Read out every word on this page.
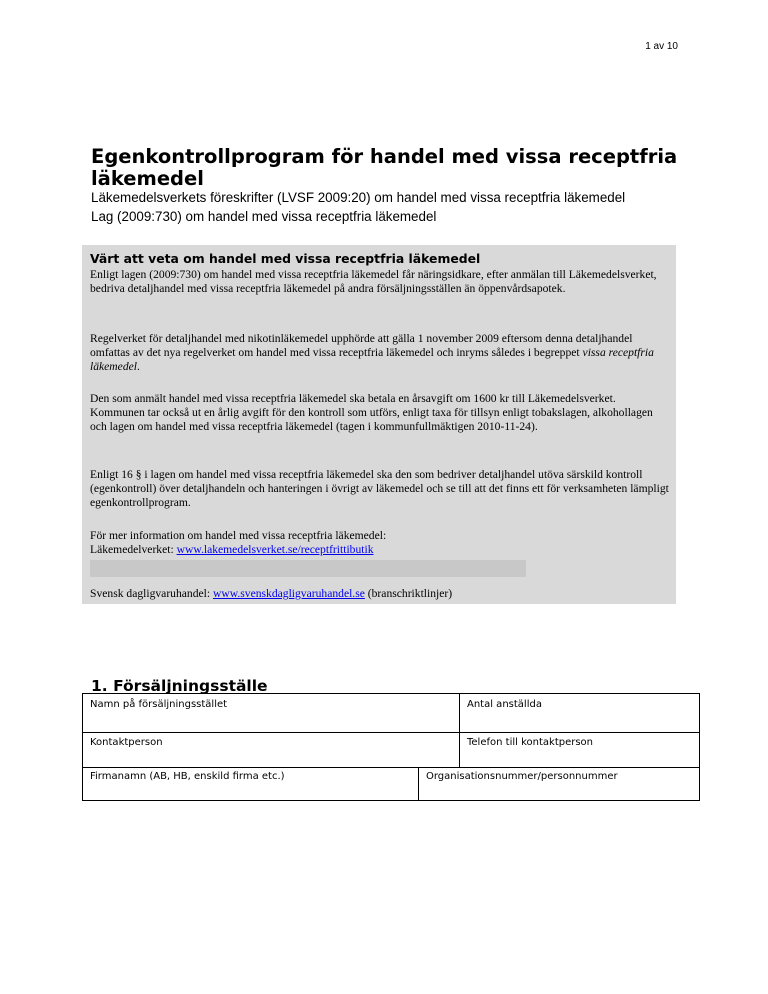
1 av 10
Egenkontrollprogram för handel med vissa receptfria läkemedel
Läkemedelsverkets föreskrifter (LVSF 2009:20) om handel med vissa receptfria läkemedel
Lag (2009:730) om handel med vissa receptfria läkemedel
Värt att veta om handel med vissa receptfria läkemedel

Enligt lagen (2009:730) om handel med vissa receptfria läkemedel får näringsidkare, efter anmälan till Läkemedelsverket, bedriva detaljhandel med vissa receptfria läkemedel på andra försäljningsställen än öppenvårdsapotek.

Regelverket för detaljhandel med nikotinläkemedel upphörde att gälla 1 november 2009 eftersom denna detaljhandel omfattas av det nya regelverket om handel med vissa receptfria läkemedel och inryms således i begreppet vissa receptfria läkemedel.

Den som anmält handel med vissa receptfria läkemedel ska betala en årsavgift om 1600 kr till Läkemedelsverket. Kommunen tar också ut en årlig avgift för den kontroll som utförs, enligt taxa för tillsyn enligt tobakslagen, alkohollagen och lagen om handel med vissa receptfria läkemedel (tagen i kommunfullmäktigen 2010-11-24).

Enligt 16 § i lagen om handel med vissa receptfria läkemedel ska den som bedriver detaljhandel utöva särskild kontroll (egenkontroll) över detaljhandeln och hanteringen i övrigt av läkemedel och se till att det finns ett för verksamheten lämpligt egenkontrollprogram.

För mer information om handel med vissa receptfria läkemedel:
Läkemedelverket: www.lakemedelsverket.se/receptfrittibutik

Svensk dagligvaruhandel: www.svenskdagligvaruhandel.se (branschriktlinjer)

1. Försäljningsställe
Namn på försäljningsstället	Antal anställda
Kontaktperson	Telefon till kontaktperson
Firmanamn (AB, HB, enskild firma etc.)	Organisationsnummer/personnummer
